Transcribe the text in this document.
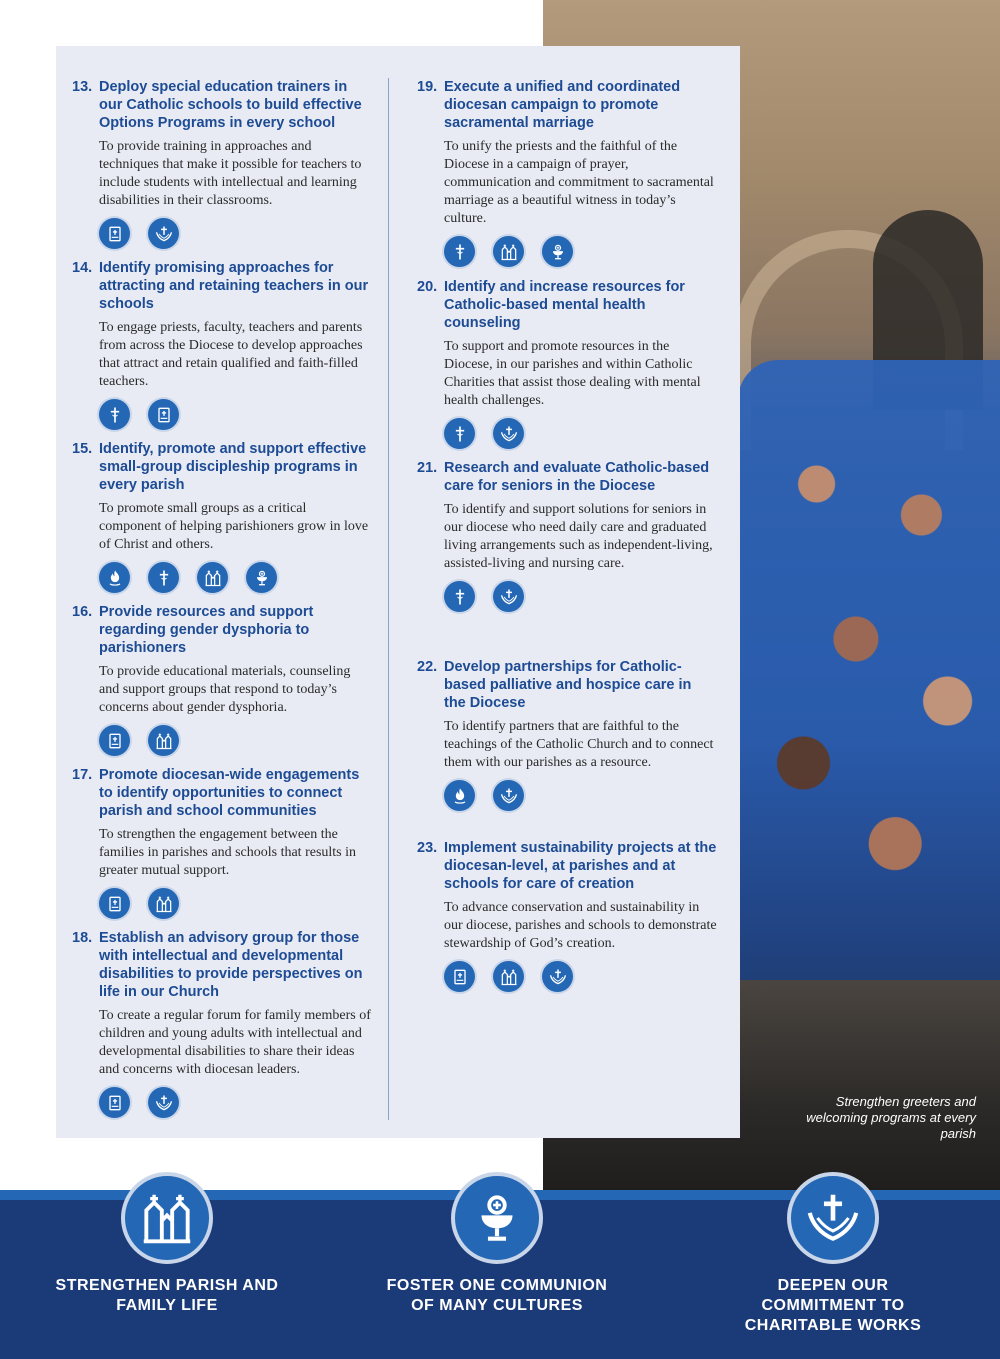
Strengthen greeters and welcoming programs at every parish
13. Deploy special education trainers in our Catholic schools to build effective Options Programs in every school
To provide training in approaches and techniques that make it possible for teachers to include students with intellectual and learning disabilities in their classrooms.
14. Identify promising approaches for attracting and retaining teachers in our schools
To engage priests, faculty, teachers and parents from across the Diocese to develop approaches that attract and retain qualified and faith-filled teachers.
15. Identify, promote and support effective small-group discipleship programs in every parish
To promote small groups as a critical component of helping parishioners grow in love of Christ and others.
16. Provide resources and support regarding gender dysphoria to parishioners
To provide educational materials, counseling and support groups that respond to today’s concerns about gender dysphoria.
17. Promote diocesan-wide engagements to identify opportunities to connect parish and school communities
To strengthen the engagement between the families in parishes and schools that results in greater mutual support.
18. Establish an advisory group for those with intellectual and developmental disabilities to provide perspectives on life in our Church
To create a regular forum for family members of children and young adults with intellectual and developmental disabilities to share their ideas and concerns with diocesan leaders.
19. Execute a unified and coordinated diocesan campaign to promote sacramental marriage
To unify the priests and the faithful of the Diocese in a campaign of prayer, communication and commitment to sacramental marriage as a beautiful witness in today’s culture.
20. Identify and increase resources for Catholic-based mental health counseling
To support and promote resources in the Diocese, in our parishes and within Catholic Charities that assist those dealing with mental health challenges.
21. Research and evaluate Catholic-based care for seniors in the Diocese
To identify and support solutions for seniors in our diocese who need daily care and graduated living arrangements such as independent-living, assisted-living and nursing care.
22. Develop partnerships for Catholic-based palliative and hospice care in the Diocese
To identify partners that are faithful to the teachings of the Catholic Church and to connect them with our parishes as a resource.
23. Implement sustainability projects at the diocesan-level, at parishes and at schools for care of creation
To advance conservation and sustainability in our diocese, parishes and schools to demonstrate stewardship of God’s creation.
STRENGTHEN PARISH AND FAMILY LIFE
FOSTER ONE COMMUNION OF MANY CULTURES
DEEPEN OUR COMMITMENT TO CHARITABLE WORKS
